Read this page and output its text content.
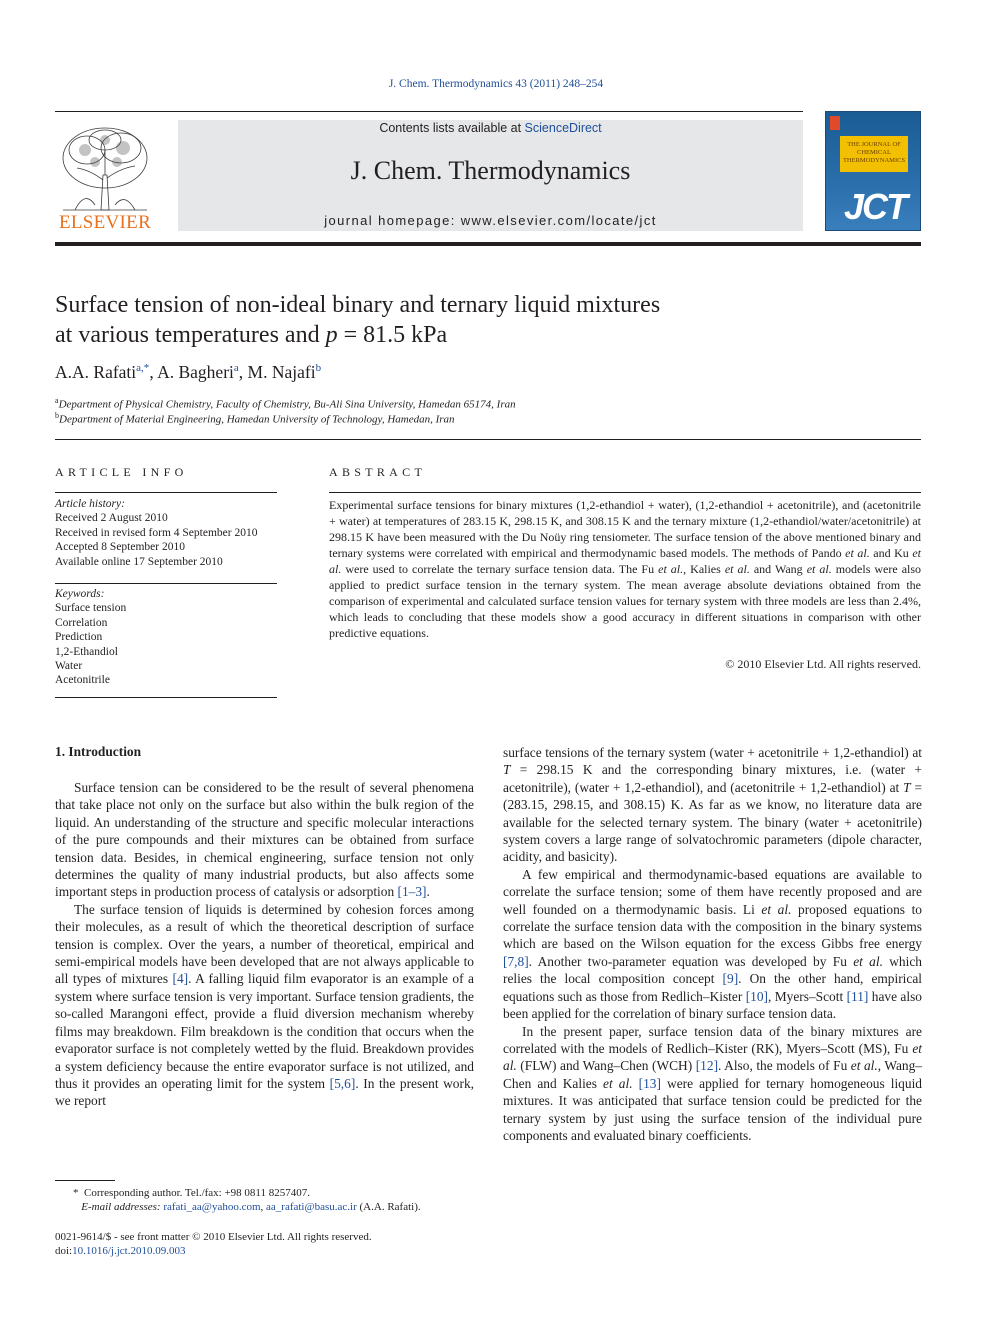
J. Chem. Thermodynamics 43 (2011) 248–254
ELSEVIER
Contents lists available at ScienceDirect
J. Chem. Thermodynamics
journal homepage: www.elsevier.com/locate/jct
THE JOURNAL OF CHEMICAL THERMODYNAMICS
JCT
Surface tension of non-ideal binary and ternary liquid mixtures
at various temperatures and p = 81.5 kPa
A.A. Rafati$^{a,*}$, A. Bagheri$^a$, M. Najafi$^b$
$^a$Department of Physical Chemistry, Faculty of Chemistry, Bu-Ali Sina University, Hamedan 65174, Iran
$^b$Department of Material Engineering, Hamedan University of Technology, Hamedan, Iran
ARTICLE INFO
Article history:
Received 2 August 2010
Received in revised form 4 September 2010
Accepted 8 September 2010
Available online 17 September 2010
Keywords:
Surface tension
Correlation
Prediction
1,2-Ethandiol
Water
Acetonitrile
ABSTRACT
Experimental surface tensions for binary mixtures (1,2-ethandiol + water), (1,2-ethandiol + acetonitrile), and (acetonitrile + water) at temperatures of 283.15 K, 298.15 K, and 308.15 K and the ternary mixture (1,2-ethandiol/water/acetonitrile) at 298.15 K have been measured with the Du Noüy ring tensiometer. The surface tension of the above mentioned binary and ternary systems were correlated with empirical and thermodynamic based models. The methods of Pando et al. and Ku et al. were used to correlate the ternary surface tension data. The Fu et al., Kalies et al. and Wang et al. models were also applied to predict surface tension in the ternary system. The mean average absolute deviations obtained from the comparison of experimental and calculated surface tension values for ternary system with three models are less than 2.4%, which leads to concluding that these models show a good accuracy in different situations in comparison with other predictive equations.
© 2010 Elsevier Ltd. All rights reserved.
1. Introduction

Surface tension can be considered to be the result of several phenomena that take place not only on the surface but also within the bulk region of the liquid. An understanding of the structure and specific molecular interactions of the pure compounds and their mixtures can be obtained from surface tension data. Besides, in chemical engineering, surface tension not only determines the quality of many industrial products, but also affects some important steps in production process of catalysis or adsorption [1–3].

The surface tension of liquids is determined by cohesion forces among their molecules, as a result of which the theoretical description of surface tension is complex. Over the years, a number of theoretical, empirical and semi-empirical models have been developed that are not always applicable to all types of mixtures [4]. A falling liquid film evaporator is an example of a system where surface tension is very important. Surface tension gradients, the so-called Marangoni effect, provide a fluid diversion mechanism whereby films may breakdown. Film breakdown is the condition that occurs when the evaporator surface is not completely wetted by the fluid. Breakdown provides a system deficiency because the entire evaporator surface is not utilized, and thus it provides an operating limit for the system [5,6]. In the present work, we report

surface tensions of the ternary system (water + acetonitrile + 1,2-ethandiol) at T = 298.15 K and the corresponding binary mixtures, i.e. (water + acetonitrile), (water + 1,2-ethandiol), and (acetonitrile + 1,2-ethandiol) at T = (283.15, 298.15, and 308.15) K. As far as we know, no literature data are available for the selected ternary system. The binary (water + acetonitrile) system covers a large range of solvatochromic parameters (dipole character, acidity, and basicity).

A few empirical and thermodynamic-based equations are available to correlate the surface tension; some of them have recently proposed and are well founded on a thermodynamic basis. Li et al. proposed equations to correlate the surface tension data with the composition in the binary systems which are based on the Wilson equation for the excess Gibbs free energy [7,8]. Another two-parameter equation was developed by Fu et al. which relies the local composition concept [9]. On the other hand, empirical equations such as those from Redlich–Kister [10], Myers–Scott [11] have also been applied for the correlation of binary surface tension data.

In the present paper, surface tension data of the binary mixtures are correlated with the models of Redlich–Kister (RK), Myers–Scott (MS), Fu et al. (FLW) and Wang–Chen (WCH) [12]. Also, the models of Fu et al., Wang–Chen and Kalies et al. [13] were applied for ternary homogeneous liquid mixtures. It was anticipated that surface tension could be predicted for the ternary system by just using the surface tension of the individual pure components and evaluated binary coefficients.

* Corresponding author. Tel./fax: +98 0811 8257407.
E-mail addresses: rafati_aa@yahoo.com, aa_rafati@basu.ac.ir (A.A. Rafati).
0021-9614/$ - see front matter © 2010 Elsevier Ltd. All rights reserved.
doi:10.1016/j.jct.2010.09.003
